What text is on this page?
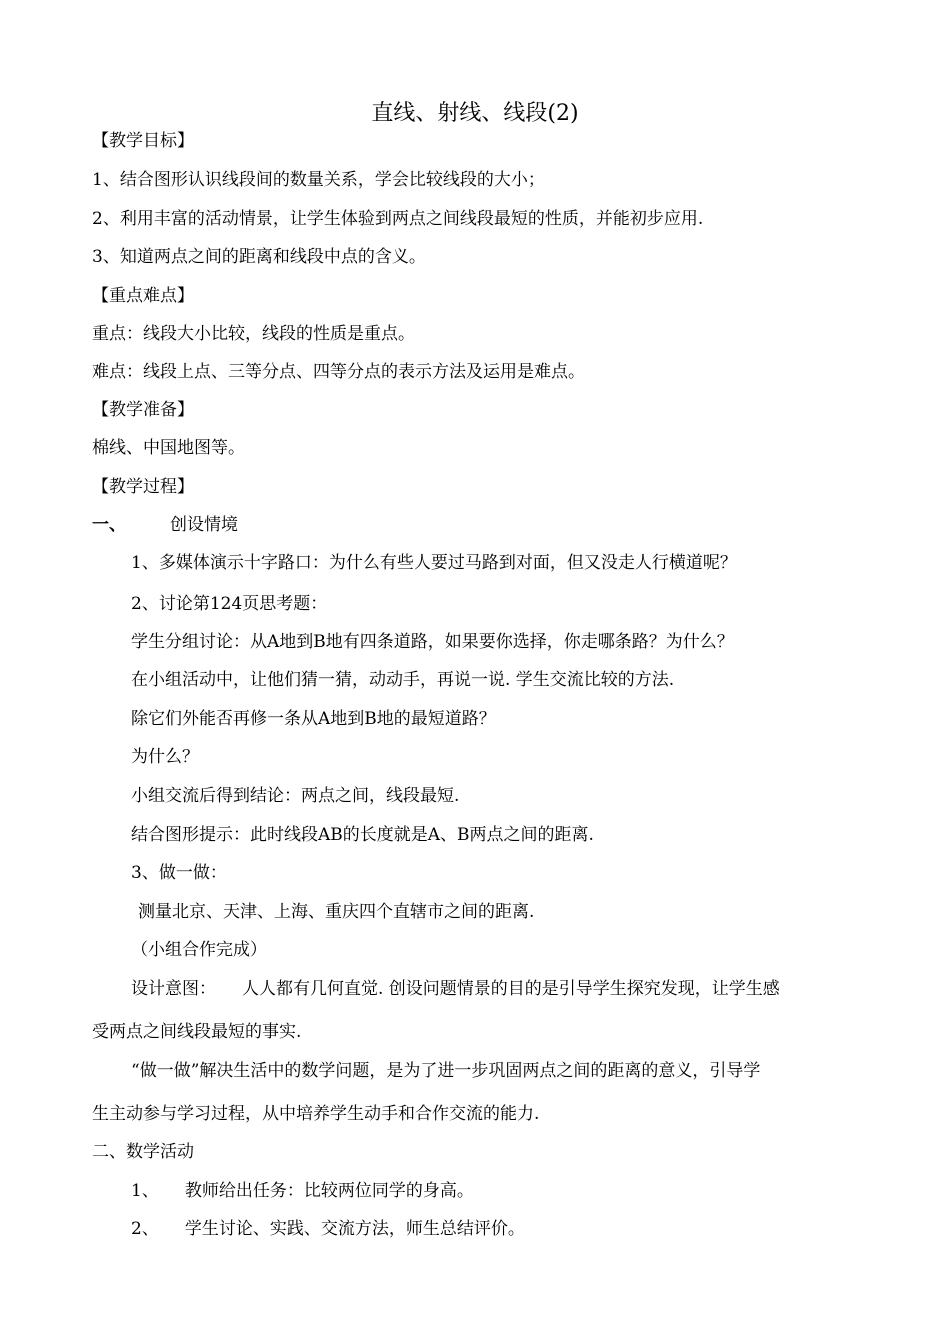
直线、射线、线段(2)
【教学目标】
1、结合图形认识线段间的数量关系，学会比较线段的大小；
2、利用丰富的活动情景，让学生体验到两点之间线段最短的性质，并能初步应用.
3、知道两点之间的距离和线段中点的含义。
【重点难点】
重点：线段大小比较，线段的性质是重点。
难点：线段上点、三等分点、四等分点的表示方法及运用是难点。
【教学准备】
棉线、中国地图等。
【教学过程】
一、	创设情境
1、多媒体演示十字路口：为什么有些人要过马路到对面，但又没走人行横道呢？
2、讨论第124页思考题：
学生分组讨论：从A地到B地有四条道路，如果要你选择，你走哪条路？为什么？
在小组活动中，让他们猜一猜，动动手，再说一说. 学生交流比较的方法.
除它们外能否再修一条从A地到B地的最短道路？
为什么？
小组交流后得到结论：两点之间，线段最短.
结合图形提示：此时线段AB的长度就是A、B两点之间的距离.
3、做一做：
测量北京、天津、上海、重庆四个直辖市之间的距离.
（小组合作完成）
设计意图： 人人都有几何直觉. 创设问题情景的目的是引导学生探究发现，让学生感
受两点之间线段最短的事实.
“做一做”解决生活中的数学问题，是为了进一步巩固两点之间的距离的意义，引导学
生主动参与学习过程，从中培养学生动手和合作交流的能力.
二、数学活动
1、 教师给出任务：比较两位同学的身高。
2、 学生讨论、实践、交流方法，师生总结评价。
